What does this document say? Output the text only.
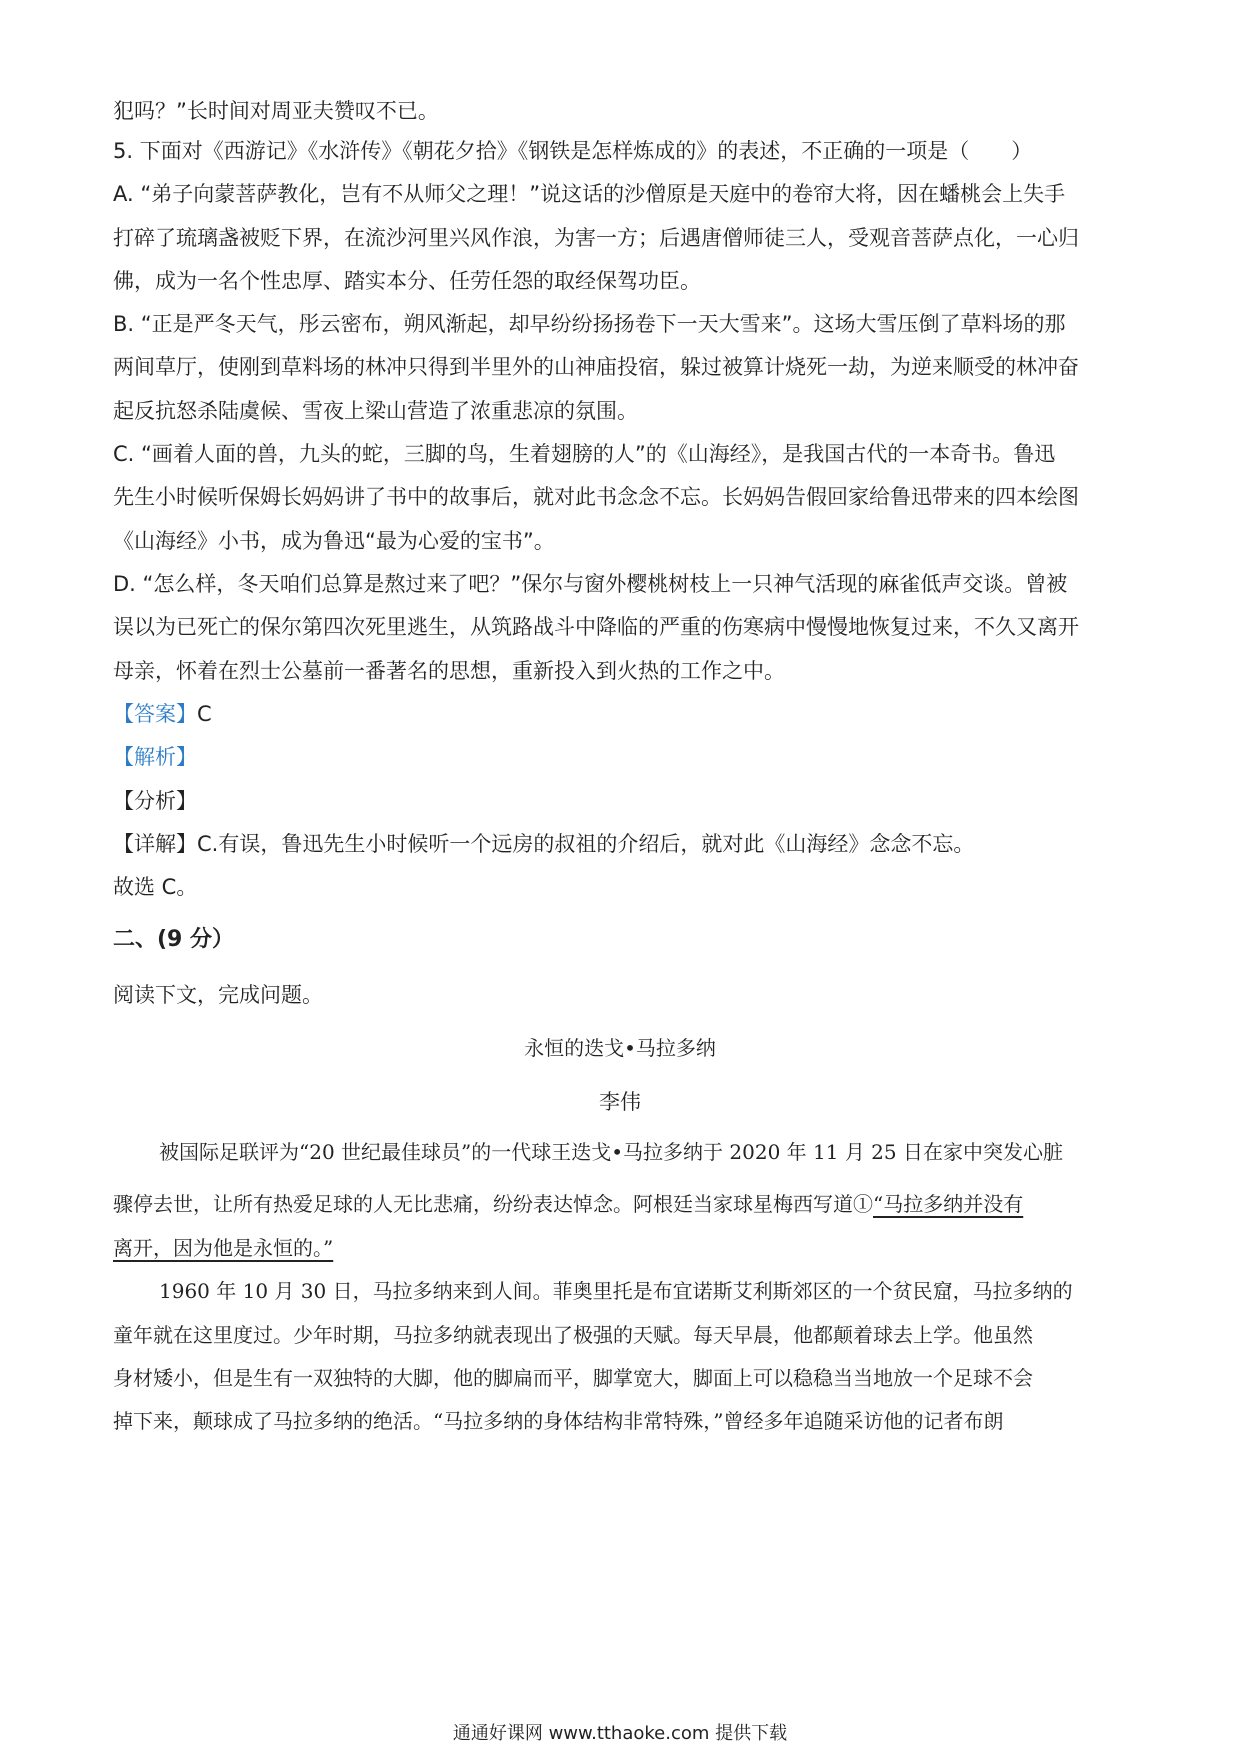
犯吗？”长时间对周亚夫赞叹不已。
5. 下面对《西游记》《水浒传》《朝花夕拾》《钢铁是怎样炼成的》的表述，不正确的一项是（　　）
A. “弟子向蒙菩萨教化，岂有不从师父之理！”说这话的沙僧原是天庭中的卷帘大将，因在蟠桃会上失手
打碎了琉璃盏被贬下界，在流沙河里兴风作浪，为害一方；后遇唐僧师徒三人，受观音菩萨点化，一心归
佛，成为一名个性忠厚、踏实本分、任劳任怨的取经保驾功臣。
B. “正是严冬天气，彤云密布，朔风渐起，却早纷纷扬扬卷下一天大雪来”。这场大雪压倒了草料场的那
两间草厅，使刚到草料场的林冲只得到半里外的山神庙投宿，躲过被算计烧死一劫，为逆来顺受的林冲奋
起反抗怒杀陆虞候、雪夜上梁山营造了浓重悲凉的氛围。
C. “画着人面的兽，九头的蛇，三脚的鸟，生着翅膀的人”的《山海经》，是我国古代的一本奇书。鲁迅
先生小时候听保姆长妈妈讲了书中的故事后，就对此书念念不忘。长妈妈告假回家给鲁迅带来的四本绘图
《山海经》小书，成为鲁迅“最为心爱的宝书”。
D. “怎么样，冬天咱们总算是熬过来了吧？”保尔与窗外樱桃树枝上一只神气活现的麻雀低声交谈。曾被
误以为已死亡的保尔第四次死里逃生，从筑路战斗中降临的严重的伤寒病中慢慢地恢复过来，不久又离开
母亲，怀着在烈士公墓前一番著名的思想，重新投入到火热的工作之中。
【答案】C
【解析】
【分析】
【详解】C.有误，鲁迅先生小时候听一个远房的叔祖的介绍后，就对此《山海经》念念不忘。
故选 C。
二、(9 分）
阅读下文，完成问题。
永恒的迭戈•马拉多纳
李伟
被国际足联评为“20 世纪最佳球员”的一代球王迭戈•马拉多纳于 2020 年 11 月 25 日在家中突发心脏
骤停去世，让所有热爱足球的人无比悲痛，纷纷表达悼念。阿根廷当家球星梅西写道①“马拉多纳并没有
离开，因为他是永恒的。”
1960 年 10 月 30 日，马拉多纳来到人间。菲奥里托是布宜诺斯艾利斯郊区的一个贫民窟，马拉多纳的
童年就在这里度过。少年时期，马拉多纳就表现出了极强的天赋。每天早晨，他都颠着球去上学。他虽然
身材矮小，但是生有一双独特的大脚，他的脚扁而平，脚掌宽大，脚面上可以稳稳当当地放一个足球不会
掉下来，颠球成了马拉多纳的绝活。“马拉多纳的身体结构非常特殊，”曾经多年追随采访他的记者布朗
通通好课网 www.tthaoke.com 提供下载
